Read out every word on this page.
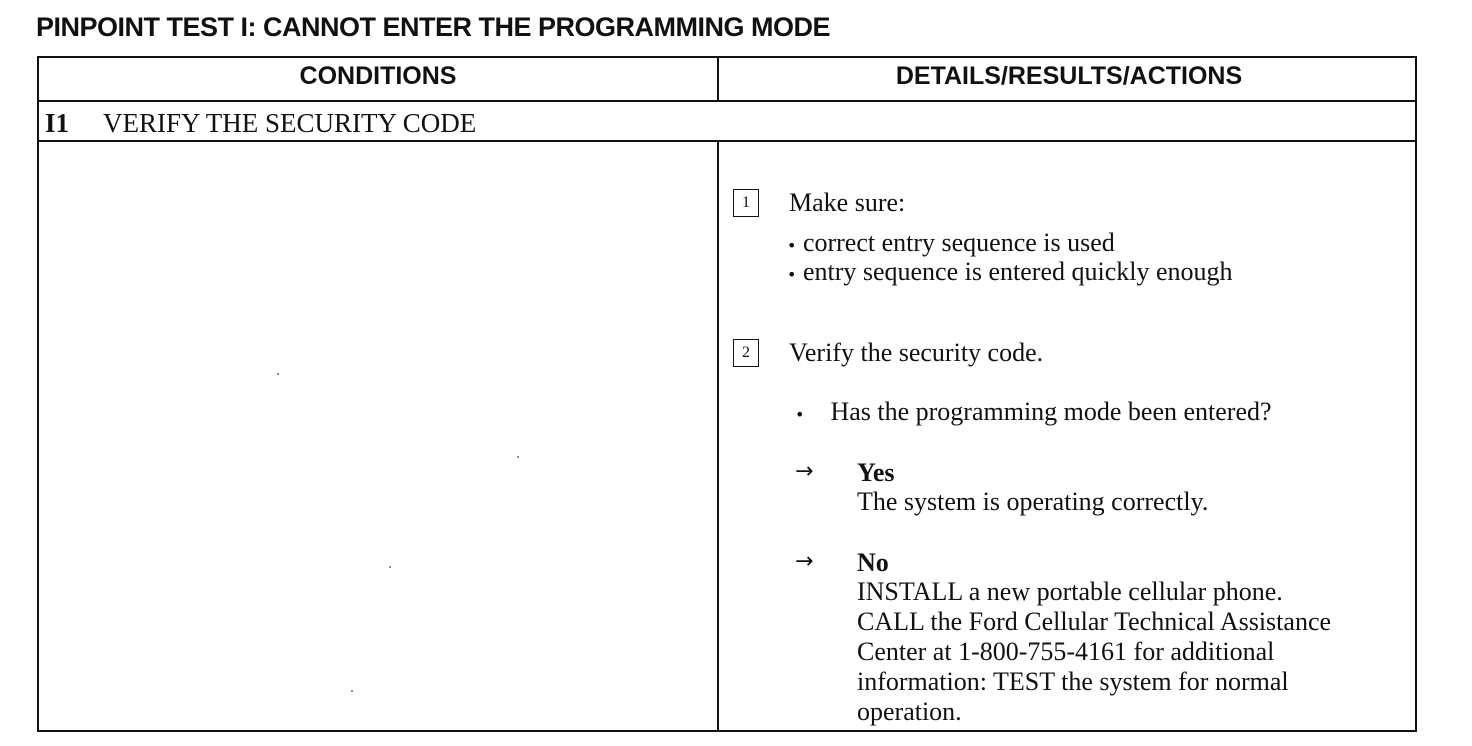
PINPOINT TEST I: CANNOT ENTER THE PROGRAMMING MODE
CONDITIONS	DETAILS/RESULTS/ACTIONS
I1 VERIFY THE SECURITY CODE
1	Make sure:
• correct entry sequence is used
• entry sequence is entered quickly enough
2	Verify the security code.
• Has the programming mode been entered?
→ Yes
The system is operating correctly.
→ No
INSTALL a new portable cellular phone.
CALL the Ford Cellular Technical Assistance
Center at 1-800-755-4161 for additional
information: TEST the system for normal
operation.
